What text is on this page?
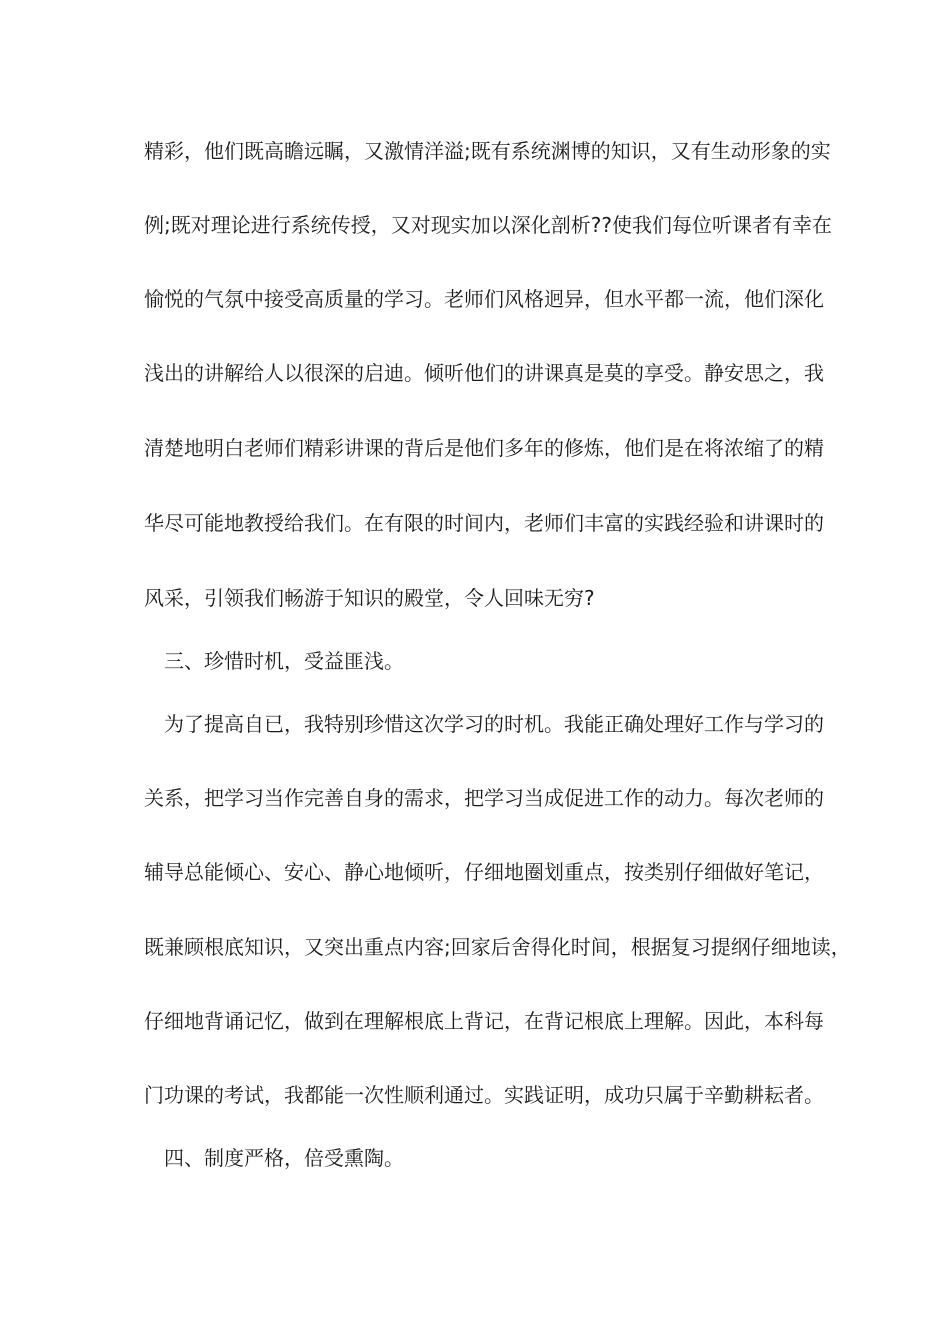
精彩，他们既高瞻远瞩，又激情洋溢;既有系统渊博的知识，又有生动形象的实
例;既对理论进行系统传授，又对现实加以深化剖析??使我们每位听课者有幸在
愉悦的气氛中接受高质量的学习。老师们风格迥异，但水平都一流，他们深化
浅出的讲解给人以很深的启迪。倾听他们的讲课真是莫的享受。静安思之，我
清楚地明白老师们精彩讲课的背后是他们多年的修炼，他们是在将浓缩了的精
华尽可能地教授给我们。在有限的时间内，老师们丰富的实践经验和讲课时的
风采，引领我们畅游于知识的殿堂，令人回味无穷?
三、珍惜时机，受益匪浅。
为了提高自已，我特别珍惜这次学习的时机。我能正确处理好工作与学习的
关系，把学习当作完善自身的需求，把学习当成促进工作的动力。每次老师的
辅导总能倾心、安心、静心地倾听，仔细地圈划重点，按类别仔细做好笔记，
既兼顾根底知识，又突出重点内容;回家后舍得化时间，根据复习提纲仔细地读，
仔细地背诵记忆，做到在理解根底上背记，在背记根底上理解。因此，本科每
门功课的考试，我都能一次性顺利通过。实践证明，成功只属于辛勤耕耘者。
四、制度严格，倍受熏陶。
